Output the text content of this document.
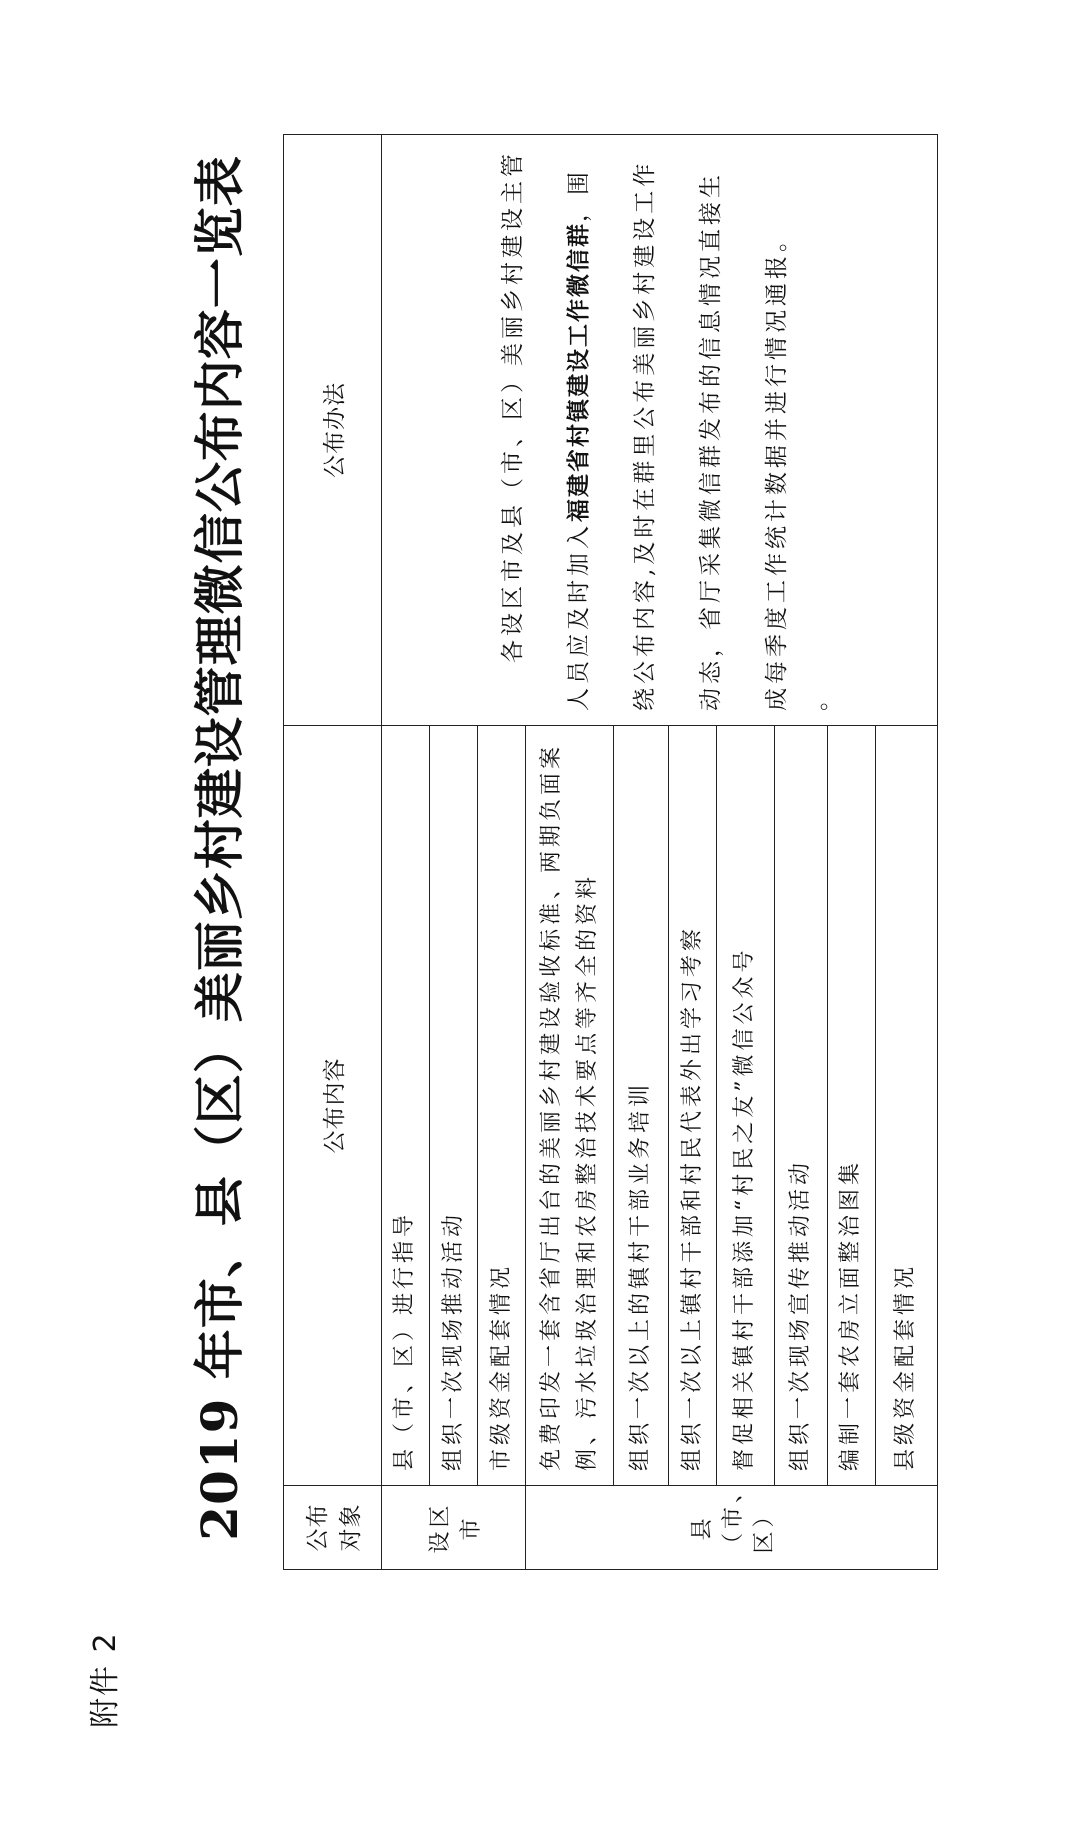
附件 2
2019 年市、县（区）美丽乡村建设管理微信公布内容一览表 公布对象	公布内容	公布办法
设区市	县（市、区）进行指导	各设区市及县（市、区）美丽乡村建设主管人员应及时加入福建省村镇建设工作微信群，围绕公布内容,及时在群里公布美丽乡村建设工作动态，省厅采集微信群发布的信息情况直接生成每季度工作统计数据并进行情况通报。 。

	组织一次现场推动活动	
	市级资金配套情况	

县 （市、区）	免费印发一套含省厅出台的美丽乡村建设验收标准、两期负面案例、污水垃圾治理和农房整治技术要点等齐全的资料	
	组织一次以上的镇村干部业务培训	
	组织一次以上镇村干部和村民代表外出学习考察	
	督促相关镇村干部添加“村民之友”微信公众号	
	组织一次现场宣传推动活动	
	编制一套农房立面整治图集	
	县级资金配套情况	
